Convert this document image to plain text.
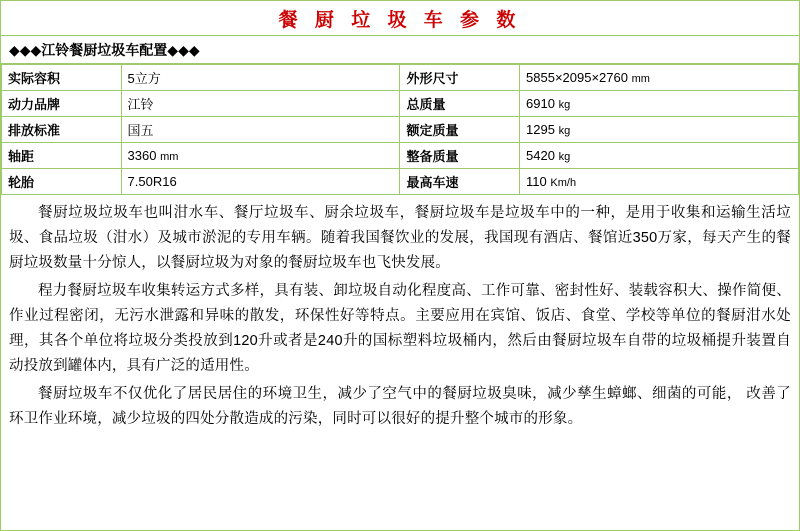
餐 厨 垃 圾 车 参 数
◆◆◆江铃餐厨垃圾车配置◆◆◆
实际容积	5立方	外形尺寸	5855×2095×2760 mm
动力品牌	江铃	总质量	6910 kg
排放标准	国五	额定质量	1295 kg
轴距	3360 mm	整备质量	5420 kg
轮胎	7.50R16	最高车速	110 Km/h

餐厨垃圾垃圾车也叫泔水车、餐厅垃圾车、厨余垃圾车，餐厨垃圾车是垃圾车中的一种，是用于收集和运输生活垃圾、食品垃圾（泔水）及城市淤泥的专用车辆。随着我国餐饮业的发展，我国现有酒店、餐馆近350万家，每天产生的餐厨垃圾数量十分惊人，以餐厨垃圾为对象的餐厨垃圾车也飞快发展。

程力餐厨垃圾车收集转运方式多样，具有装、卸垃圾自动化程度高、工作可靠、密封性好、装载容积大、操作简便、作业过程密闭，无污水泄露和异味的散发，环保性好等特点。主要应用在宾馆、饭店、食堂、学校等单位的餐厨泔水处理，其各个单位将垃圾分类投放到120升或者是240升的国标塑料垃圾桶内，然后由餐厨垃圾车自带的垃圾桶提升装置自动投放到罐体内，具有广泛的适用性。

餐厨垃圾车不仅优化了居民居住的环境卫生，减少了空气中的餐厨垃圾臭味，减少孳生蟑螂、细菌的可能， 改善了环卫作业环境，减少垃圾的四处分散造成的污染，同时可以很好的提升整个城市的形象。
